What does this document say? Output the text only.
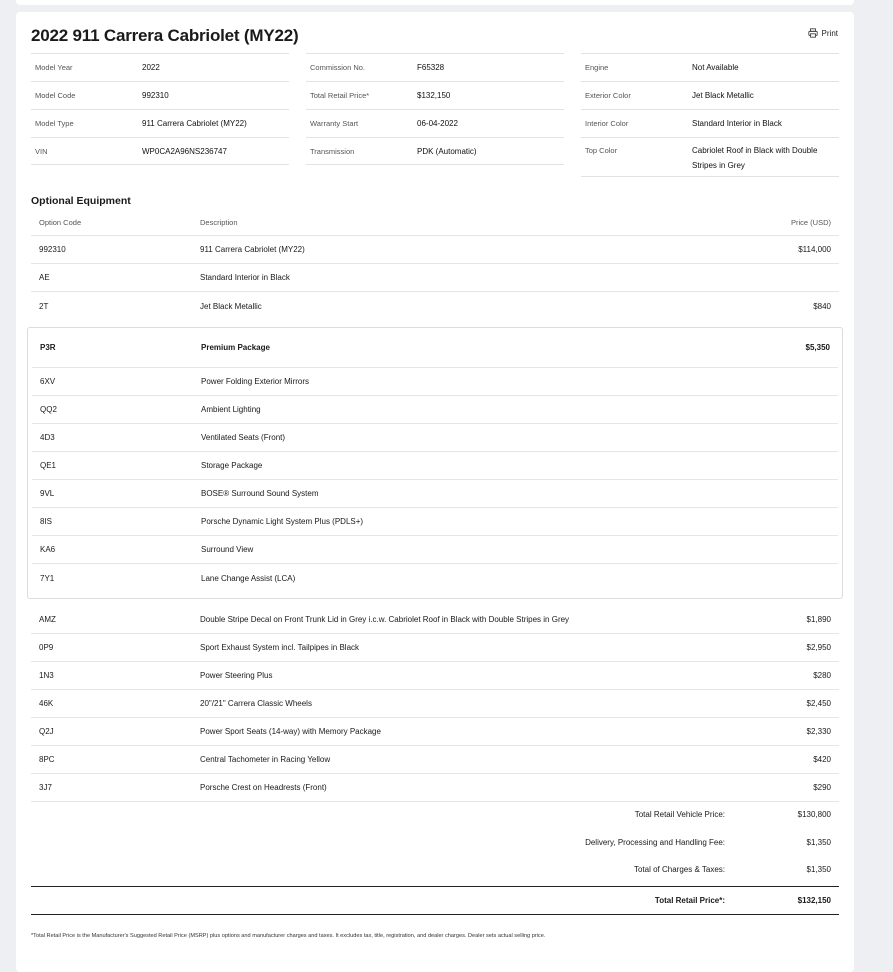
2022 911 Carrera Cabriolet (MY22)	Print
Model Year	2022
Model Code	992310
Model Type	911 Carrera Cabriolet (MY22)
VIN	WP0CA2A96NS236747
Commission No.	F65328
Total Retail Price*	$132,150
Warranty Start	06-04-2022
Transmission	PDK (Automatic)
Engine	Not Available
Exterior Color	Jet Black Metallic
Interior Color	Standard Interior in Black
Top Color	Cabriolet Roof in Black with Double Stripes in Grey
Optional Equipment
Option Code	Description	Price (USD)
992310	911 Carrera Cabriolet (MY22)	$114,000
AE	Standard Interior in Black
2T	Jet Black Metallic	$840
P3R	Premium Package	$5,350
6XV	Power Folding Exterior Mirrors
QQ2	Ambient Lighting
4D3	Ventilated Seats (Front)
QE1	Storage Package
9VL	BOSE® Surround Sound System
8IS	Porsche Dynamic Light System Plus (PDLS+)
KA6	Surround View
7Y1	Lane Change Assist (LCA)
AMZ	Double Stripe Decal on Front Trunk Lid in Grey i.c.w. Cabriolet Roof in Black with Double Stripes in Grey	$1,890
0P9	Sport Exhaust System incl. Tailpipes in Black	$2,950
1N3	Power Steering Plus	$280
46K	20"/21" Carrera Classic Wheels	$2,450
Q2J	Power Sport Seats (14-way) with Memory Package	$2,330
8PC	Central Tachometer in Racing Yellow	$420
3J7	Porsche Crest on Headrests (Front)	$290
Total Retail Vehicle Price:	$130,800
Delivery, Processing and Handling Fee:	$1,350
Total of Charges & Taxes:	$1,350
Total Retail Price*:	$132,150
*Total Retail Price is the Manufacturer's Suggested Retail Price (MSRP) plus options and manufacturer charges and taxes. It excludes tax, title, registration, and dealer charges. Dealer sets actual selling price.
